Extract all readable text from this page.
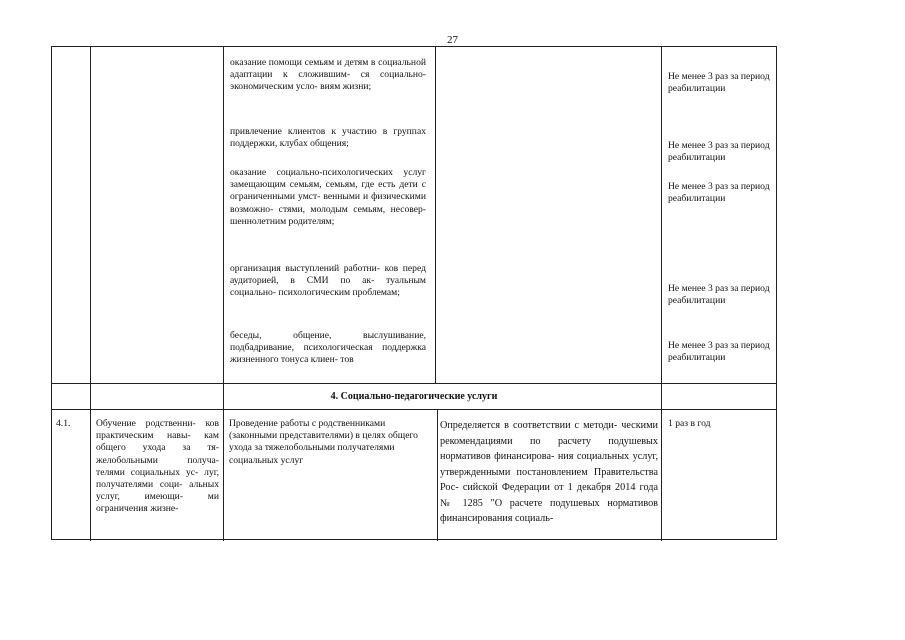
27
оказание помощи семьям и детям в социальной адаптации к сложившим- ся социально-экономическим усло- виям жизни;
привлечение клиентов к участию в группах поддержки, клубах общения;
оказание социально-психологических услуг замещающим семьям, семьям, где есть дети с ограниченными умст- венными и физическими возможно- стями, молодым семьям, несовер- шеннолетним родителям;
организация выступлений работни- ков перед аудиторией, в СМИ по ак- туальным социально- психологическим проблемам;
беседы, общение, выслушивание, подбадривание, психологическая поддержка жизненного тонуса клиен- тов
Не менее 3 раз за период реабилитации
Не менее 3 раз за период реабилитации
Не менее 3 раз за период реабилитации
Не менее 3 раз за период реабилитации
Не менее 3 раз за период реабилитации
4. Социально-педагогические услуги
4.1.	Обучение родственни- ков практическим навы- кам общего ухода за тя- желобольными получа- телями социальных ус- луг, получателями соци- альных услуг, имеющи- ми ограничения жизне-
Проведение работы с родственниками (законными представителями) в целях общего ухода за тяжелобольными получателями социальных услуг
Определяется в соответствии с методи- ческими рекомендациями по расчету подушевых нормативов финансирова- ния социальных услуг, утвержденными постановлением Правительства Рос- сийской Федерации от 1 декабря 2014 года № 1285 "О расчете подушевых нормативов финансирования социаль-
1 раз в год
